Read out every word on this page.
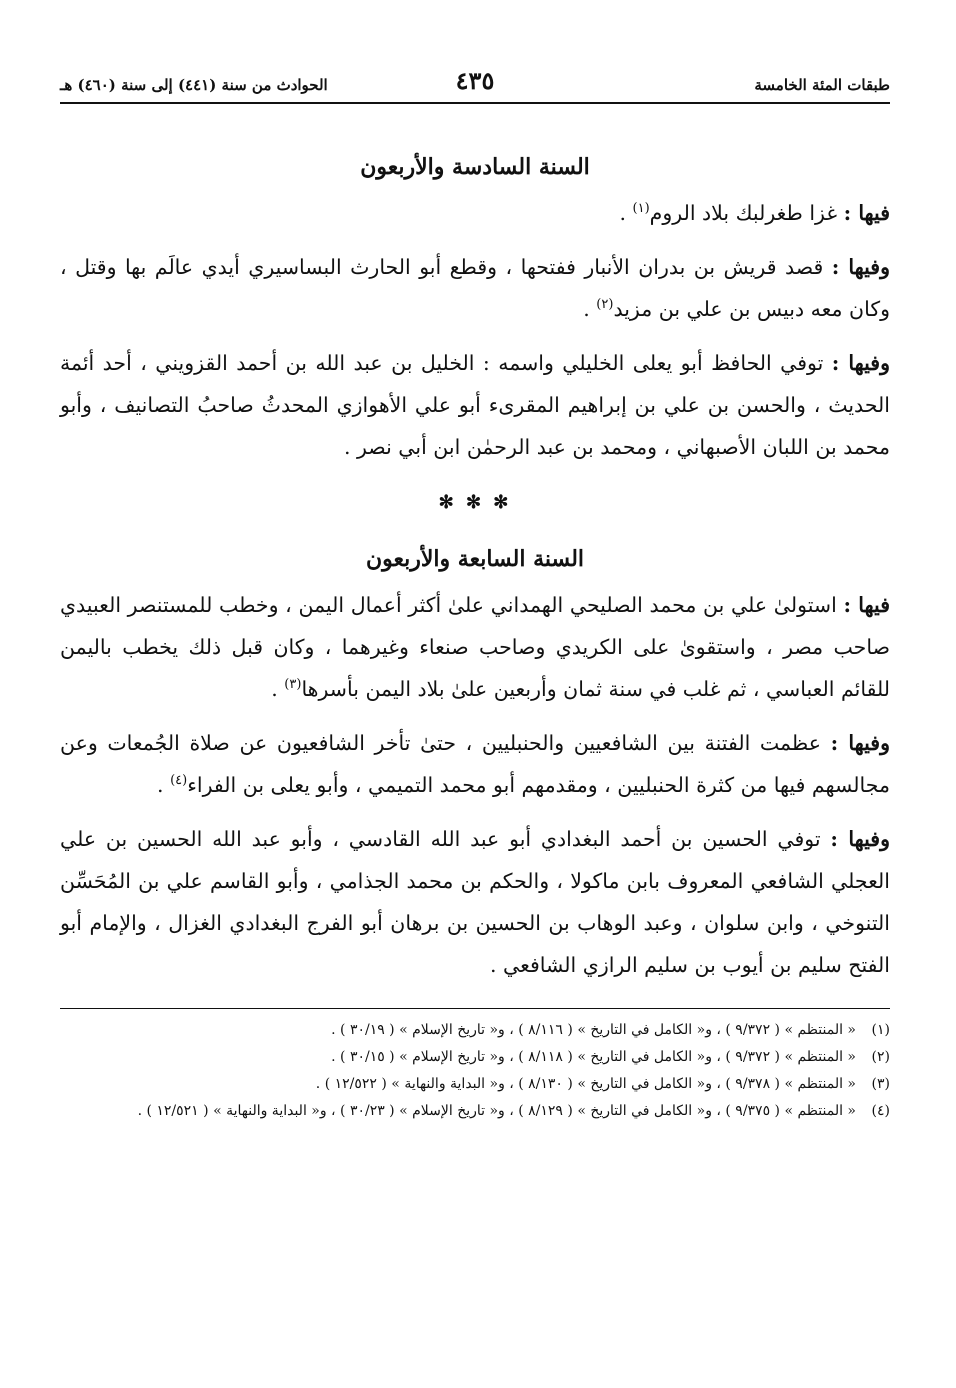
طبقات المئة الخامسة
٤٣٥
الحوادث من سنة (٤٤١) إلى سنة (٤٦٠) هـ
السنة السادسة والأربعون

فيها : غزا طغرلبك بلاد الروم$^{(١)}$ .

وفيها : قصد قريش بن بدران الأنبار ففتحها ، وقطع أبو الحارث البساسيري أيدي عالَم بها وقتل ، وكان معه دبيس بن علي بن مزيد$^{(٢)}$ .

وفيها : توفي الحافظ أبو يعلى الخليلي واسمه : الخليل بن عبد الله بن أحمد القزويني ، أحد أئمة الحديث ، والحسن بن علي بن إبراهيم المقرىء أبو علي الأهوازي المحدثُ صاحبُ التصانيف ، وأبو محمد بن اللبان الأصبهاني ، ومحمد بن عبد الرحمٰن ابن أبي نصر .

✻ ✻ ✻
السنة السابعة والأربعون

فيها : استولىٰ علي بن محمد الصليحي الهمداني علىٰ أكثر أعمال اليمن ، وخطب للمستنصر العبيدي صاحب مصر ، واستقوىٰ على الكريدي وصاحب صنعاء وغيرهما ، وكان قبل ذلك يخطب باليمن للقائم العباسي ، ثم غلب في سنة ثمان وأربعين علىٰ بلاد اليمن بأسرها$^{(٣)}$ .

وفيها : عظمت الفتنة بين الشافعيين والحنبليين ، حتىٰ تأخر الشافعيون عن صلاة الجُمعات وعن مجالسهم فيها من كثرة الحنبليين ، ومقدمهم أبو محمد التميمي ، وأبو يعلى بن الفراء$^{(٤)}$ .

وفيها : توفي الحسين بن أحمد البغدادي أبو عبد الله القادسي ، وأبو عبد الله الحسين بن علي العجلي الشافعي المعروف بابن ماكولا ، والحكم بن محمد الجذامي ، وأبو القاسم علي بن المُحَسِّن التنوخي ، وابن سلوان ، وعبد الوهاب بن الحسين بن برهان أبو الفرج البغدادي الغزال ، والإمام أبو الفتح سليم بن أيوب بن سليم الرازي الشافعي .

(١)
« المنتظم » ( ٩/٣٧٢ ) ، و« الكامل في التاريخ » ( ٨/١١٦ ) ، و« تاريخ الإسلام » ( ٣٠/١٩ ) .
(٢)
« المنتظم » ( ٩/٣٧٢ ) ، و« الكامل في التاريخ » ( ٨/١١٨ ) ، و« تاريخ الإسلام » ( ٣٠/١٥ ) .
(٣)
« المنتظم » ( ٩/٣٧٨ ) ، و« الكامل في التاريخ » ( ٨/١٣٠ ) ، و« البداية والنهاية » ( ١٢/٥٢٢ ) .
(٤)
« المنتظم » ( ٩/٣٧٥ ) ، و« الكامل في التاريخ » ( ٨/١٢٩ ) ، و« تاريخ الإسلام » ( ٣٠/٢٣ ) ، و« البداية والنهاية » ( ١٢/٥٢١ ) .
